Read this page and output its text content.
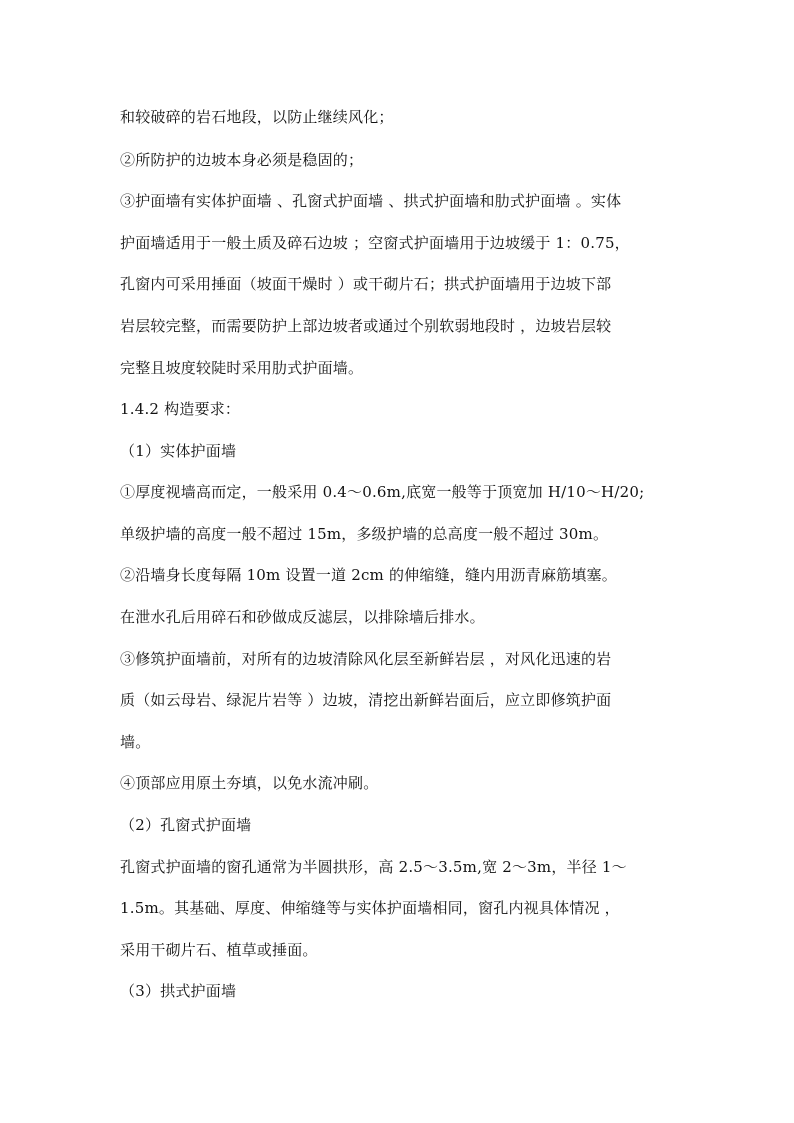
和较破碎的岩石地段，以防止继续风化；
②所防护的边坡本身必须是稳固的；
③护面墙有实体护面墙 、孔窗式护面墙 、拱式护面墙和肋式护面墙 。实体
护面墙适用于一般土质及碎石边坡 ；空窗式护面墙用于边坡缓于 1：0.75，
孔窗内可采用捶面（坡面干燥时 ）或干砌片石；拱式护面墙用于边坡下部
岩层较完整，而需要防护上部边坡者或通过个别软弱地段时 ，边坡岩层较
完整且坡度较陡时采用肋式护面墙。
1.4.2 构造要求：
（1）实体护面墙
①厚度视墙高而定，一般采用 0.4～0.6m,底宽一般等于顶宽加 H/10～H/20;
单级护墙的高度一般不超过 15m，多级护墙的总高度一般不超过 30m。
②沿墙身长度每隔 10m 设置一道 2cm 的伸缩缝，缝内用沥青麻筋填塞。
在泄水孔后用碎石和砂做成反滤层，以排除墙后排水。
③修筑护面墙前，对所有的边坡清除风化层至新鲜岩层 ，对风化迅速的岩
质（如云母岩、绿泥片岩等 ）边坡，清挖出新鲜岩面后，应立即修筑护面
墙。
④顶部应用原土夯填，以免水流冲刷。
（2）孔窗式护面墙
孔窗式护面墙的窗孔通常为半圆拱形，高 2.5～3.5m,宽 2～3m，半径 1～
1.5m。其基础、厚度、伸缩缝等与实体护面墙相同，窗孔内视具体情况 ，
采用干砌片石、植草或捶面。
（3）拱式护面墙
